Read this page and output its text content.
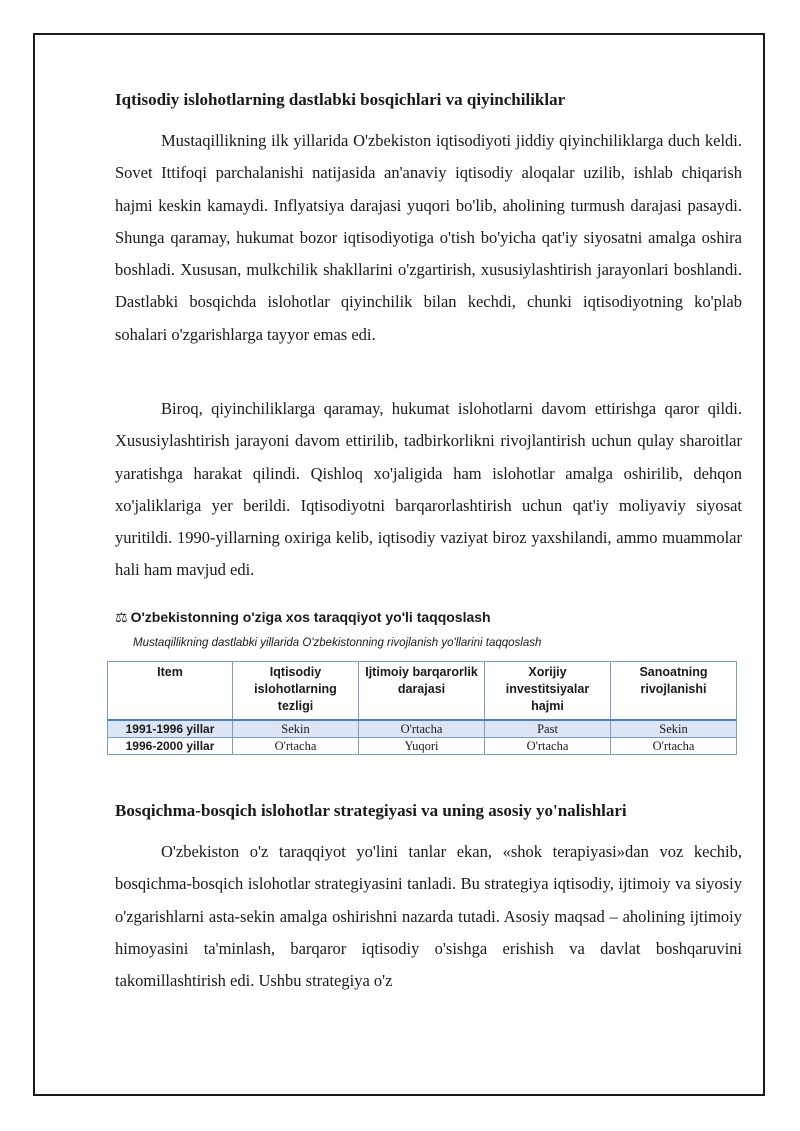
Iqtisodiy islohotlarning dastlabki bosqichlari va qiyinchiliklar

Mustaqillikning ilk yillarida O'zbekiston iqtisodiyoti jiddiy qiyinchiliklarga duch keldi. Sovet Ittifoqi parchalanishi natijasida an'anaviy iqtisodiy aloqalar uzilib, ishlab chiqarish hajmi keskin kamaydi. Inflyatsiya darajasi yuqori bo'lib, aholining turmush darajasi pasaydi. Shunga qaramay, hukumat bozor iqtisodiyotiga o'tish bo'yicha qat'iy siyosatni amalga oshira boshladi. Xususan, mulkchilik shakllarini o'zgartirish, xususiylashtirish jarayonlari boshlandi. Dastlabki bosqichda islohotlar qiyinchilik bilan kechdi, chunki iqtisodiyotning ko'plab sohalari o'zgarishlarga tayyor emas edi.

Biroq, qiyinchiliklarga qaramay, hukumat islohotlarni davom ettirishga qaror qildi. Xususiylashtirish jarayoni davom ettirilib, tadbirkorlikni rivojlantirish uchun qulay sharoitlar yaratishga harakat qilindi. Qishloq xo'jaligida ham islohotlar amalga oshirilib, dehqon xo'jaliklariga yer berildi. Iqtisodiyotni barqarorlashtirish uchun qat'iy moliyaviy siyosat yuritildi. 1990-yillarning oxiriga kelib, iqtisodiy vaziyat biroz yaxshilandi, ammo muammolar hali ham mavjud edi.

⚖ O'zbekistonning o'ziga xos taraqqiyot yo'li taqqoslash
Mustaqillikning dastlabki yillarida O'zbekistonning rivojlanish yo'llarini taqqoslash
Item	Iqtisodiy islohotlarning tezligi	Ijtimoiy barqarorlik darajasi	Xorijiy investitsiyalar hajmi	Sanoatning rivojlanishi
1991-1996 yillar	Sekin	O'rtacha	Past	Sekin
1996-2000 yillar	O'rtacha	Yuqori	O'rtacha	O'rtacha
Bosqichma-bosqich islohotlar strategiyasi va uning asosiy yo'nalishlari

O'zbekiston o'z taraqqiyot yo'lini tanlar ekan, «shok terapiyasi»dan voz kechib, bosqichma-bosqich islohotlar strategiyasini tanladi. Bu strategiya iqtisodiy, ijtimoiy va siyosiy o'zgarishlarni asta-sekin amalga oshirishni nazarda tutadi. Asosiy maqsad – aholining ijtimoiy himoyasini ta'minlash, barqaror iqtisodiy o'sishga erishish va davlat boshqaruvini takomillashtirish edi. Ushbu strategiya o'z
